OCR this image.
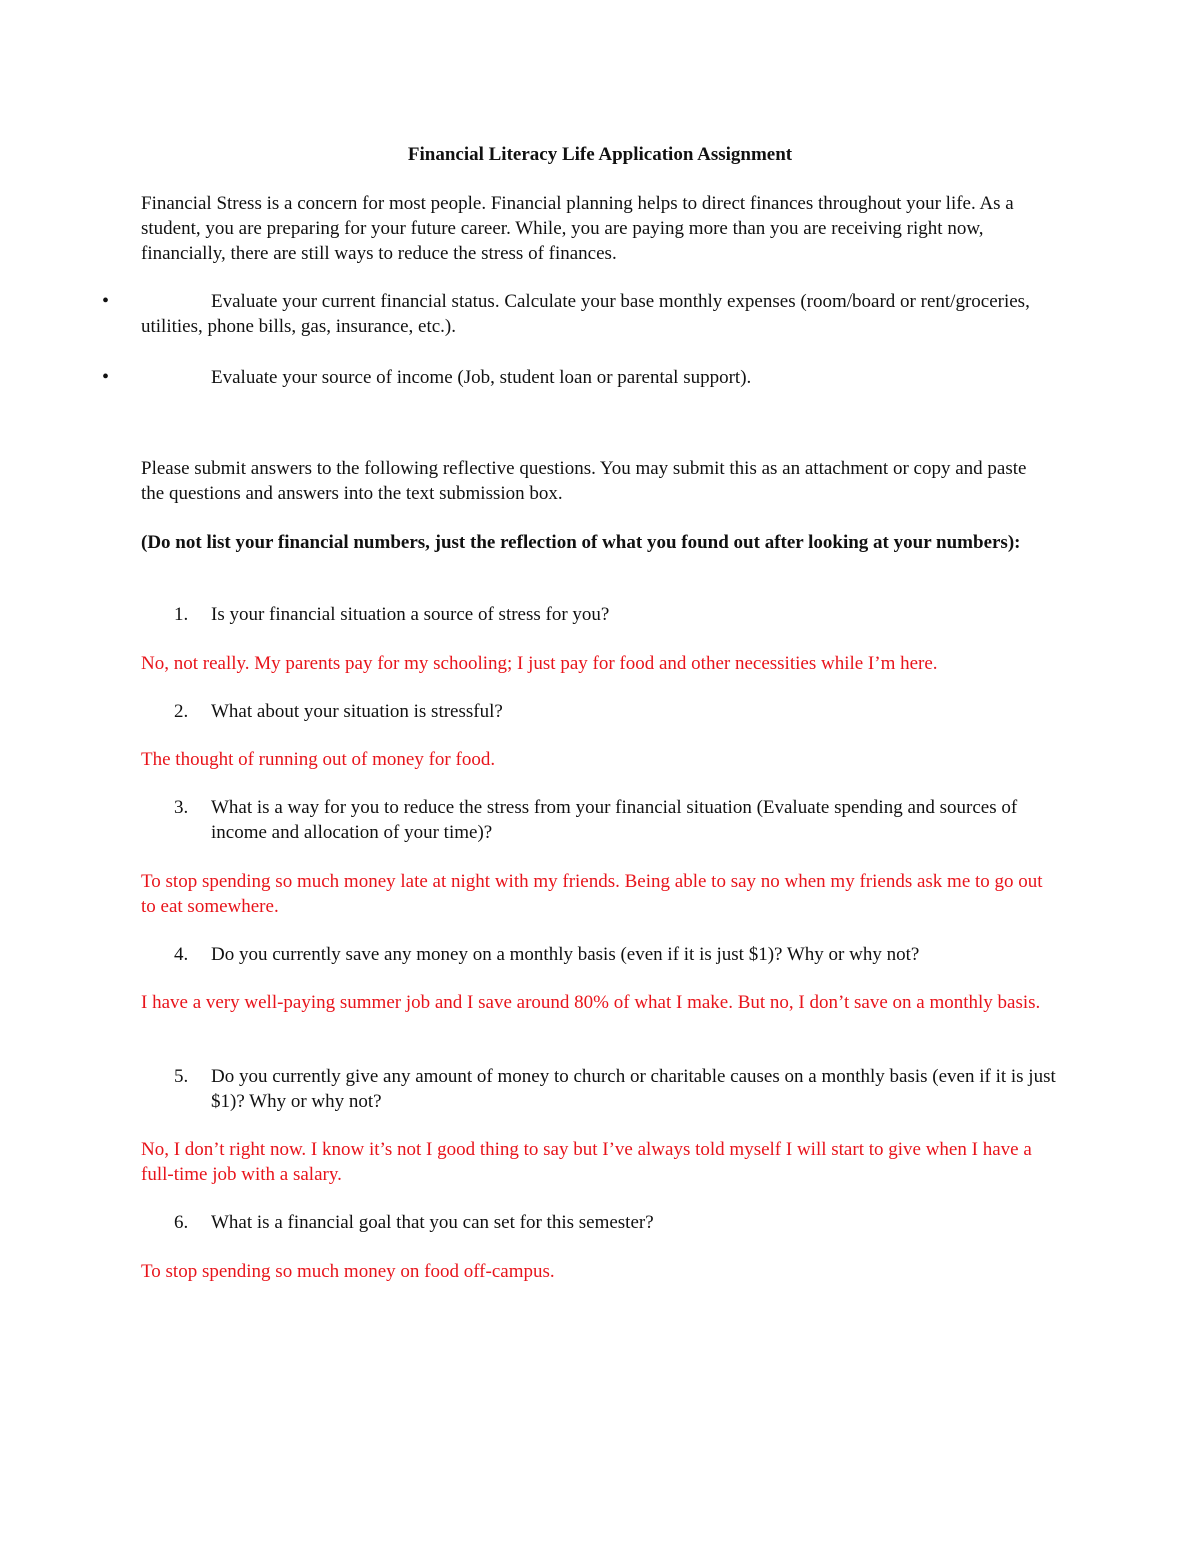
Financial Literacy Life Application Assignment
Financial Stress is a concern for most people. Financial planning helps to direct finances throughout your life. As a student, you are preparing for your future career. While, you are paying more than you are receiving right now, financially, there are still ways to reduce the stress of finances.
•	Evaluate your current financial status. Calculate your base monthly expenses (room/board or rent/groceries, utilities, phone bills, gas, insurance, etc.).
•	Evaluate your source of income (Job, student loan or parental support).
Please submit answers to the following reflective questions. You may submit this as an attachment or copy and paste the questions and answers into the text submission box.
(Do not list your financial numbers, just the reflection of what you found out after looking at your numbers):
1.	Is your financial situation a source of stress for you?
No, not really. My parents pay for my schooling; I just pay for food and other necessities while I’m here.
2.	What about your situation is stressful?
The thought of running out of money for food.
3.	What is a way for you to reduce the stress from your financial situation (Evaluate spending and sources of income and allocation of your time)?
To stop spending so much money late at night with my friends. Being able to say no when my friends ask me to go out to eat somewhere.
4.	Do you currently save any money on a monthly basis (even if it is just $1)? Why or why not?
I have a very well-paying summer job and I save around 80% of what I make. But no, I don’t save on a monthly basis.
5.	Do you currently give any amount of money to church or charitable causes on a monthly basis (even if it is just $1)? Why or why not?
No, I don’t right now. I know it’s not I good thing to say but I’ve always told myself I will start to give when I have a full-time job with a salary.
6.	What is a financial goal that you can set for this semester?
To stop spending so much money on food off-campus.
